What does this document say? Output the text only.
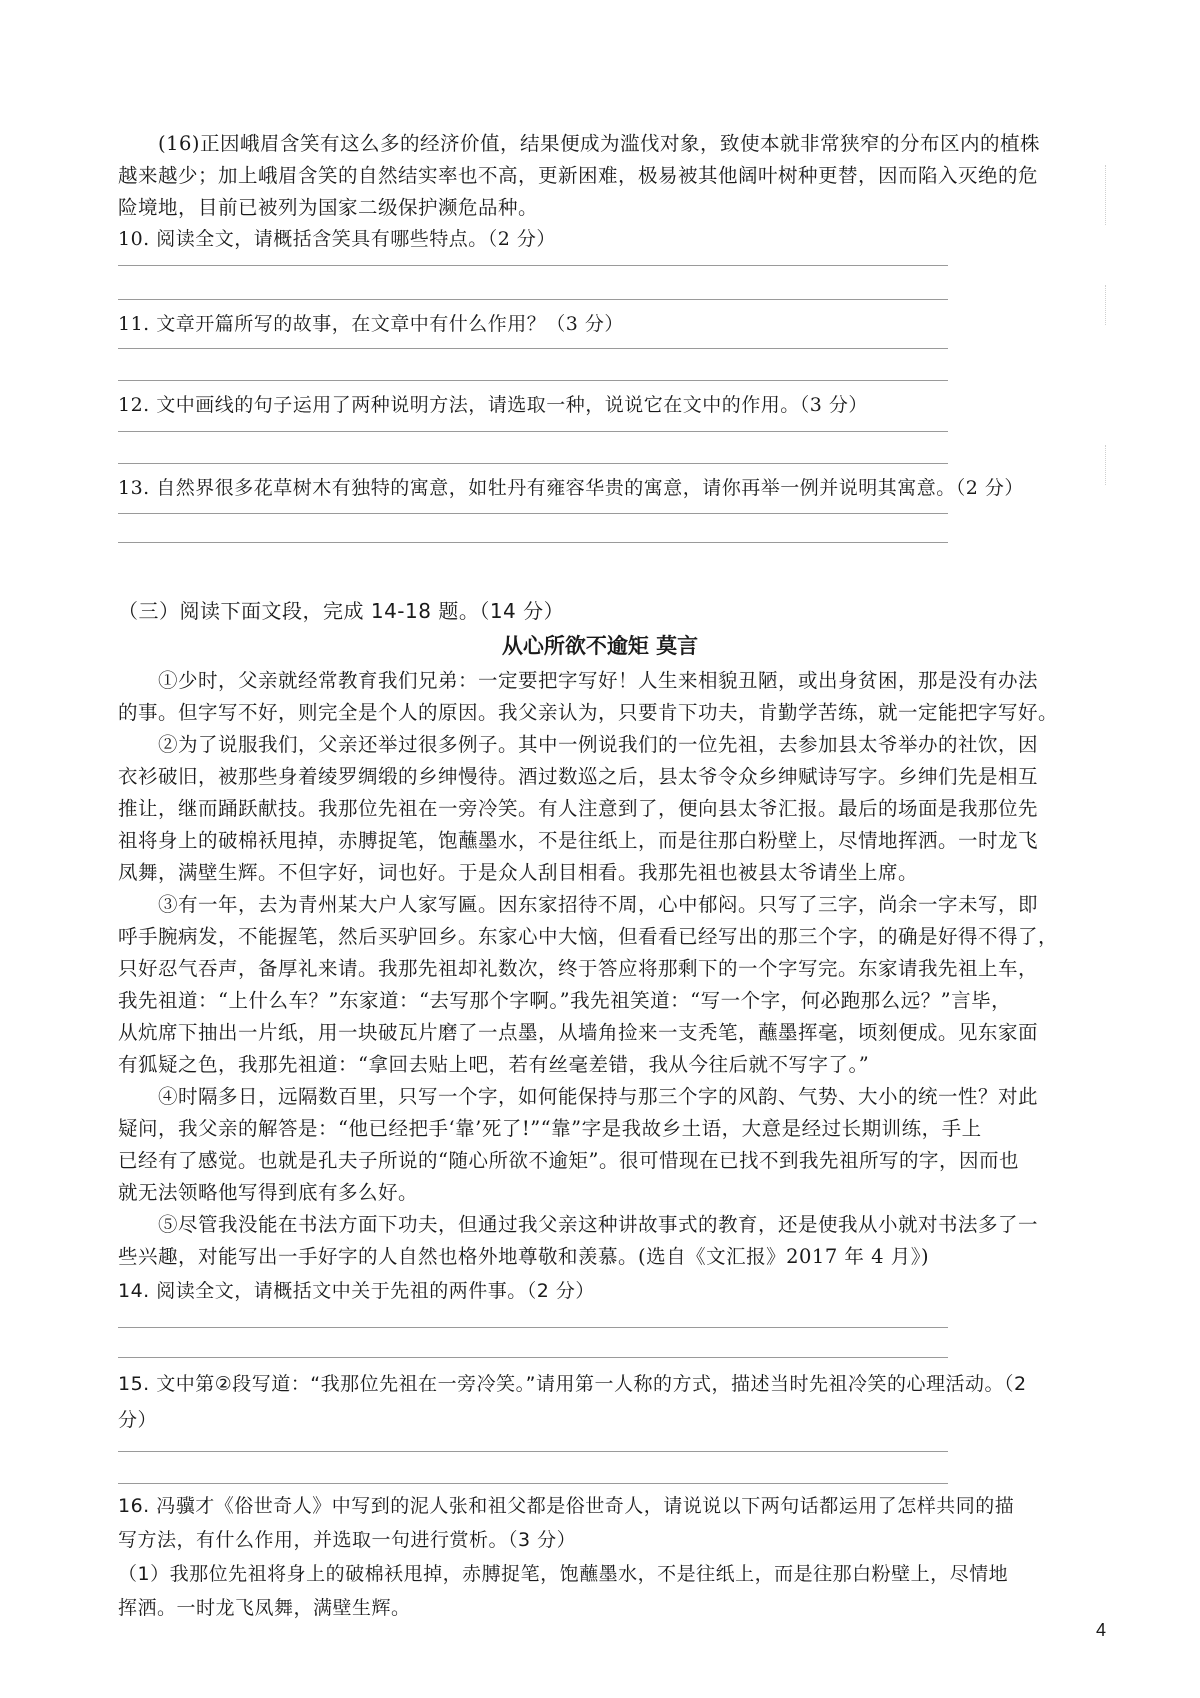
　　(16)正因峨眉含笑有这么多的经济价值，结果便成为滥伐对象，致使本就非常狭窄的分布区内的植株
越来越少；加上峨眉含笑的自然结实率也不高，更新困难，极易被其他阔叶树种更替，因而陷入灭绝的危
险境地，目前已被列为国家二级保护濒危品种。
10. 阅读全文，请概括含笑具有哪些特点。（2 分）
11. 文章开篇所写的故事，在文章中有什么作用？（3 分）
12. 文中画线的句子运用了两种说明方法，请选取一种，说说它在文中的作用。（3 分）
13. 自然界很多花草树木有独特的寓意，如牡丹有雍容华贵的寓意，请你再举一例并说明其寓意。（2 分）
（三）阅读下面文段，完成 14-18 题。（14 分）
从心所欲不逾矩 莫言
　　①少时，父亲就经常教育我们兄弟：一定要把字写好！人生来相貌丑陋，或出身贫困，那是没有办法
的事。但字写不好，则完全是个人的原因。我父亲认为，只要肯下功夫，肯勤学苦练，就一定能把字写好。
　　②为了说服我们，父亲还举过很多例子。其中一例说我们的一位先祖，去参加县太爷举办的社饮，因
衣衫破旧，被那些身着绫罗绸缎的乡绅慢待。酒过数巡之后，县太爷令众乡绅赋诗写字。乡绅们先是相互
推让，继而踊跃献技。我那位先祖在一旁冷笑。有人注意到了，便向县太爷汇报。最后的场面是我那位先
祖将身上的破棉袄甩掉，赤膊捉笔，饱蘸墨水，不是往纸上，而是往那白粉壁上，尽情地挥洒。一时龙飞
凤舞，满壁生辉。不但字好，词也好。于是众人刮目相看。我那先祖也被县太爷请坐上席。
　　③有一年，去为青州某大户人家写匾。因东家招待不周，心中郁闷。只写了三字，尚余一字未写，即
呼手腕病发，不能握笔，然后买驴回乡。东家心中大恼，但看看已经写出的那三个字，的确是好得不得了，
只好忍气吞声，备厚礼来请。我那先祖却礼数次，终于答应将那剩下的一个字写完。东家请我先祖上车，
我先祖道：“上什么车？”东家道：“去写那个字啊。”我先祖笑道：“写一个字，何必跑那么远？”言毕，
从炕席下抽出一片纸，用一块破瓦片磨了一点墨，从墙角捡来一支秃笔，蘸墨挥毫，顷刻便成。见东家面
有狐疑之色，我那先祖道：“拿回去贴上吧，若有丝毫差错，我从今往后就不写字了。”
　　④时隔多日，远隔数百里，只写一个字，如何能保持与那三个字的风韵、气势、大小的统一性？对此
疑问，我父亲的解答是：“他已经把手‘靠’死了!”“靠”字是我故乡土语，大意是经过长期训练，手上
已经有了感觉。也就是孔夫子所说的“随心所欲不逾矩”。很可惜现在已找不到我先祖所写的字，因而也
就无法领略他写得到底有多么好。
　　⑤尽管我没能在书法方面下功夫，但通过我父亲这种讲故事式的教育，还是使我从小就对书法多了一
些兴趣，对能写出一手好字的人自然也格外地尊敬和羡慕。(选自《文汇报》2017 年 4 月》)
14. 阅读全文，请概括文中关于先祖的两件事。（2 分）
15. 文中第②段写道：“我那位先祖在一旁冷笑。”请用第一人称的方式，描述当时先祖冷笑的心理活动。（2
分）
16. 冯骥才《俗世奇人》中写到的泥人张和祖父都是俗世奇人，请说说以下两句话都运用了怎样共同的描
写方法，有什么作用，并选取一句进行赏析。（3 分）
（1）我那位先祖将身上的破棉袄甩掉，赤膊捉笔，饱蘸墨水，不是往纸上，而是往那白粉壁上，尽情地
挥洒。一时龙飞凤舞，满壁生辉。
4
